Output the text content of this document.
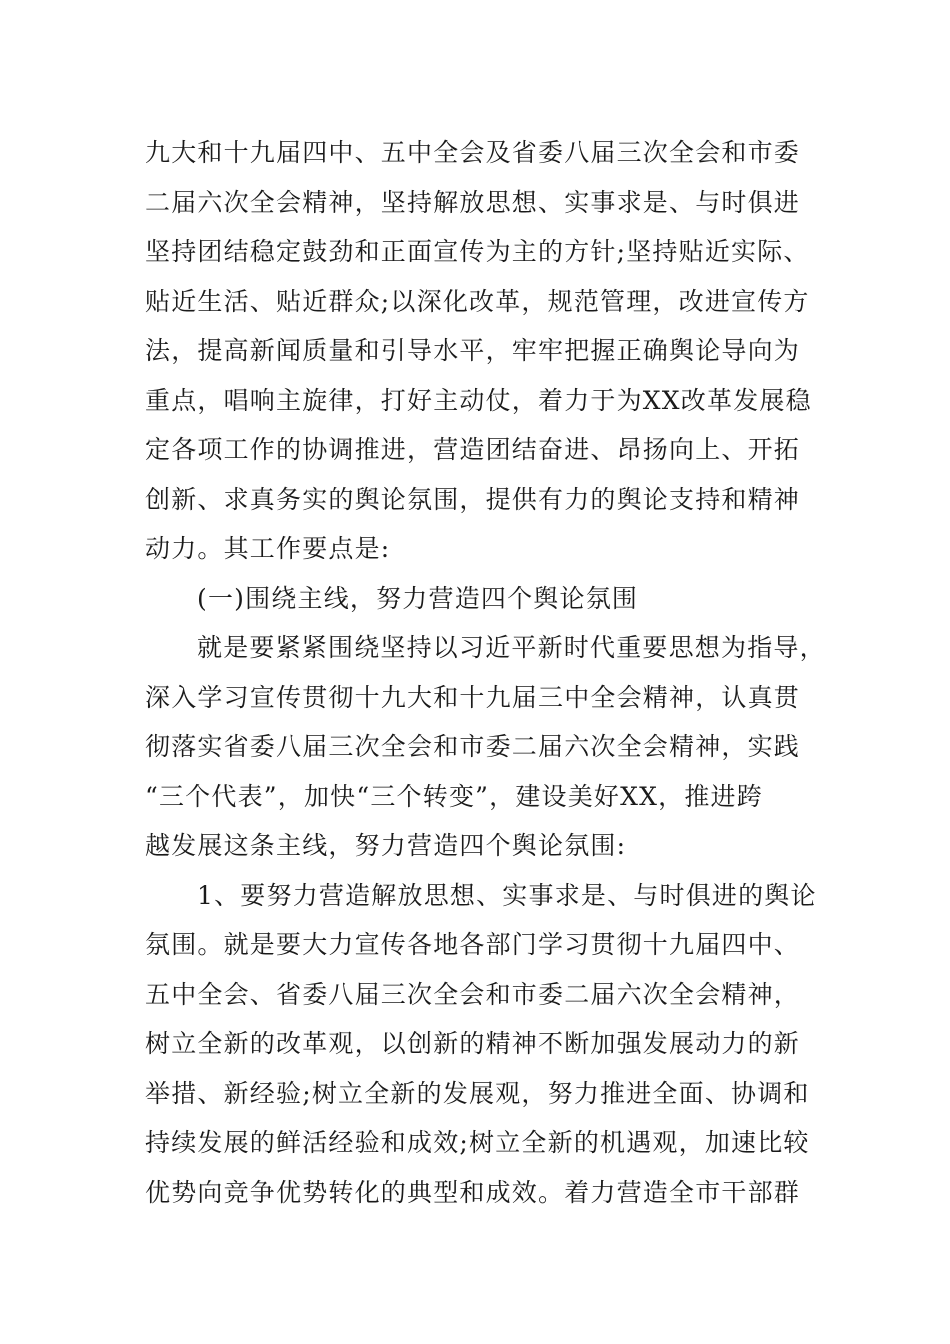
九大和十九届四中、五中全会及省委八届三次全会和市委
二届六次全会精神，坚持解放思想、实事求是、与时俱进
坚持团结稳定鼓劲和正面宣传为主的方针;坚持贴近实际、
贴近生活、贴近群众;以深化改革，规范管理，改进宣传方
法，提高新闻质量和引导水平，牢牢把握正确舆论导向为
重点，唱响主旋律，打好主动仗，着力于为XX改革发展稳
定各项工作的协调推进，营造团结奋进、昂扬向上、开拓
创新、求真务实的舆论氛围，提供有力的舆论支持和精神
动力。其工作要点是:
(一)围绕主线，努力营造四个舆论氛围
就是要紧紧围绕坚持以习近平新时代重要思想为指导，
深入学习宣传贯彻十九大和十九届三中全会精神，认真贯
彻落实省委八届三次全会和市委二届六次全会精神，实践
“三个代表”，加快“三个转变”，建设美好XX，推进跨
越发展这条主线，努力营造四个舆论氛围:
1、要努力营造解放思想、实事求是、与时俱进的舆论
氛围。就是要大力宣传各地各部门学习贯彻十九届四中、
五中全会、省委八届三次全会和市委二届六次全会精神，
树立全新的改革观，以创新的精神不断加强发展动力的新
举措、新经验;树立全新的发展观，努力推进全面、协调和
持续发展的鲜活经验和成效;树立全新的机遇观，加速比较
优势向竞争优势转化的典型和成效。着力营造全市干部群
